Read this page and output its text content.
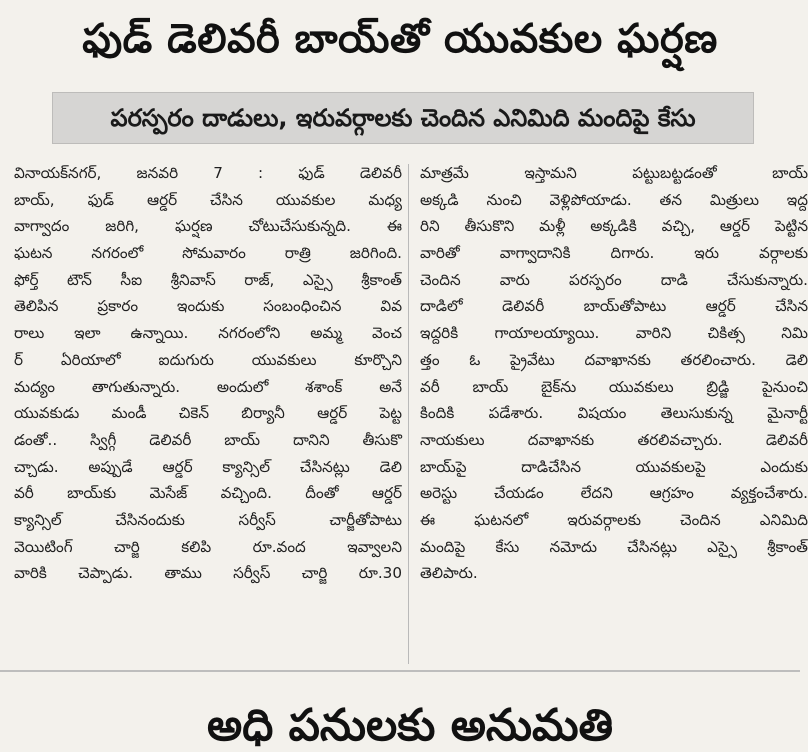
ఫుడ్ డెలివరీ బాయ్‌తో యువకుల ఘర్షణ
పరస్పరం దాడులు, ఇరువర్గాలకు చెందిన ఎనిమిది మందిపై కేసు
వినాయక్‌నగర్, జనవరి 7 : ఫుడ్ డెలివరీ
బాయ్, ఫుడ్ ఆర్డర్ చేసిన యువకుల మధ్య
వాగ్వాదం జరిగి, ఘర్షణ చోటుచేసుకున్నది. ఈ
ఘటన నగరంలో సోమవారం రాత్రి జరిగింది.
ఫోర్త్ టౌన్ సీఐ శ్రీనివాస్ రాజ్, ఎస్సై శ్రీకాంత్
తెలిపిన ప్రకారం ఇందుకు సంబంధించిన వివ
రాలు ఇలా ఉన్నాయి. నగరంలోని అమ్మ వెంచ
ర్ ఏరియాలో ఐదుగురు యువకులు కూర్చొని
మద్యం తాగుతున్నారు. అందులో శశాంక్ అనే
యువకుడు మండీ చికెన్ బిర్యానీ ఆర్డర్ పెట్ట
డంతో.. స్విగ్గీ డెలివరీ బాయ్ దానిని తీసుకొ
చ్చాడు. అప్పుడే ఆర్డర్ క్యాన్సిల్ చేసినట్లు డెలి
వరీ బాయ్‌కు మెసేజ్ వచ్చింది. దీంతో ఆర్డర్
క్యాన్సిల్ చేసినందుకు సర్వీస్ చార్జీతోపాటు
వెయిటింగ్ చార్జి కలిపి రూ.వంద ఇవ్వాలని
వారికి చెప్పాడు. తాము సర్వీస్ చార్జి రూ.30
మాత్రమే ఇస్తామని పట్టుబట్టడంతో బాయ్
అక్కడి నుంచి వెళ్లిపోయాడు. తన మిత్రులు ఇద్ద
రిని తీసుకొని మళ్లీ అక్కడికి వచ్చి, ఆర్డర్ పెట్టిన
వారితో వాగ్వాదానికి దిగారు. ఇరు వర్గాలకు
చెందిన వారు పరస్పరం దాడి చేసుకున్నారు.
దాడిలో డెలివరీ బాయ్‌తోపాటు ఆర్డర్ చేసిన
ఇద్దరికి గాయాలయ్యాయి. వారిని చికిత్స నిమి
త్తం ఓ ప్రైవేటు దవాఖానకు తరలించారు. డెలి
వరీ బాయ్ బైక్‌ను యువకులు బ్రిడ్జి పైనుంచి
కిందికి పడేశారు. విషయం తెలుసుకున్న మైనార్టీ
నాయకులు దవాఖానకు తరలివచ్చారు. డెలివరీ
బాయ్‌పై దాడిచేసిన యువకులపై ఎందుకు
అరెస్టు చేయడం లేదని ఆగ్రహం వ్యక్తంచేశారు.
ఈ ఘటనలో ఇరువర్గాలకు చెందిన ఎనిమిది
మందిపై కేసు నమోదు చేసినట్లు ఎస్సై శ్రీకాంత్
తెలిపారు.
అధి పనులకు అనుమతి
